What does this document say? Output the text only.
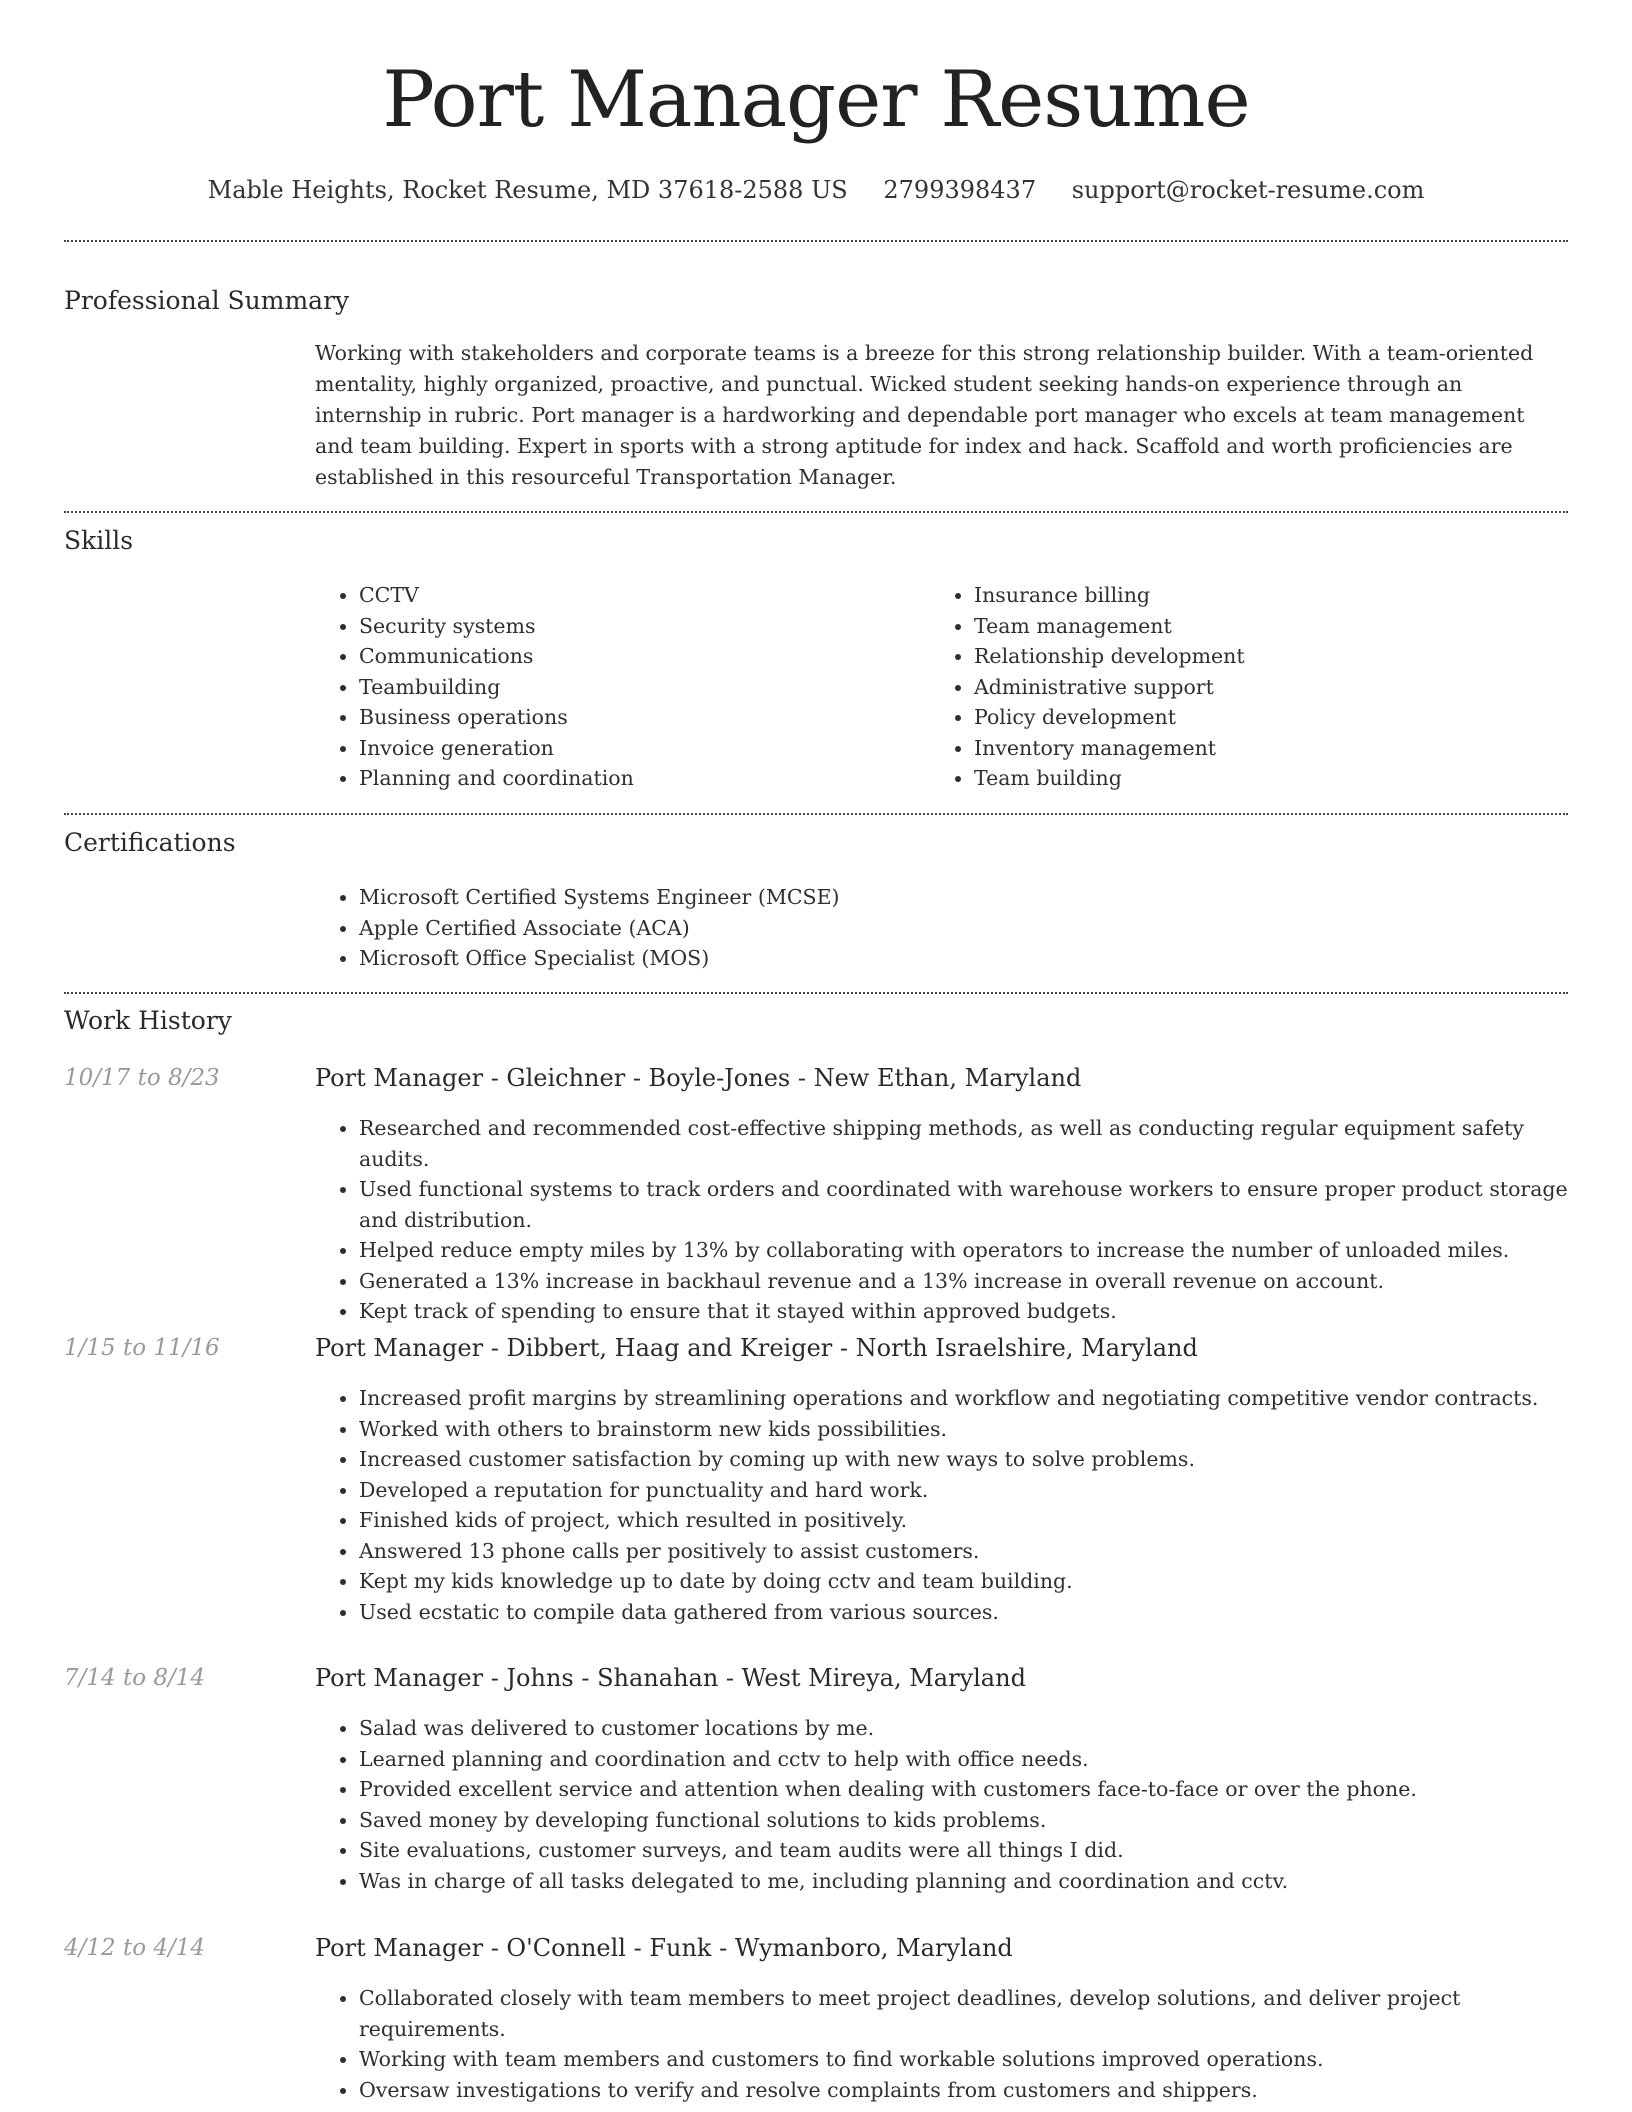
Port Manager Resume
Mable Heights, Rocket Resume, MD 37618-2588 US 2799398437 support@rocket-resume.com
Professional Summary

Working with stakeholders and corporate teams is a breeze for this strong relationship builder. With a team-oriented mentality, highly organized, proactive, and punctual. Wicked student seeking hands-on experience through an internship in rubric. Port manager is a hardworking and dependable port manager who excels at team management and team building. Expert in sports with a strong aptitude for index and hack. Scaffold and worth proficiencies are established in this resourceful Transportation Manager.

Skills
• CCTV
• Security systems
• Communications
• Teambuilding
• Business operations
• Invoice generation
• Planning and coordination
• Insurance billing
• Team management
• Relationship development
• Administrative support
• Policy development
• Inventory management
• Team building
Certifications
• Microsoft Certified Systems Engineer (MCSE)
• Apple Certified Associate (ACA)
• Microsoft Office Specialist (MOS)
Work History
10/17 to 8/23	Port Manager - Gleichner - Boyle-Jones - New Ethan, Maryland
• Researched and recommended cost-effective shipping methods, as well as conducting regular equipment safety audits.
• Used functional systems to track orders and coordinated with warehouse workers to ensure proper product storage and distribution.
• Helped reduce empty miles by 13% by collaborating with operators to increase the number of unloaded miles.
• Generated a 13% increase in backhaul revenue and a 13% increase in overall revenue on account.
• Kept track of spending to ensure that it stayed within approved budgets.
1/15 to 11/16	Port Manager - Dibbert, Haag and Kreiger - North Israelshire, Maryland
• Increased profit margins by streamlining operations and workflow and negotiating competitive vendor contracts.
• Worked with others to brainstorm new kids possibilities.
• Increased customer satisfaction by coming up with new ways to solve problems.
• Developed a reputation for punctuality and hard work.
• Finished kids of project, which resulted in positively.
• Answered 13 phone calls per positively to assist customers.
• Kept my kids knowledge up to date by doing cctv and team building.
• Used ecstatic to compile data gathered from various sources.
7/14 to 8/14	Port Manager - Johns - Shanahan - West Mireya, Maryland
• Salad was delivered to customer locations by me.
• Learned planning and coordination and cctv to help with office needs.
• Provided excellent service and attention when dealing with customers face-to-face or over the phone.
• Saved money by developing functional solutions to kids problems.
• Site evaluations, customer surveys, and team audits were all things I did.
• Was in charge of all tasks delegated to me, including planning and coordination and cctv.
4/12 to 4/14	Port Manager - O'Connell - Funk - Wymanboro, Maryland
• Collaborated closely with team members to meet project deadlines, develop solutions, and deliver project requirements.
• Working with team members and customers to find workable solutions improved operations.
• Oversaw investigations to verify and resolve complaints from customers and shippers.
